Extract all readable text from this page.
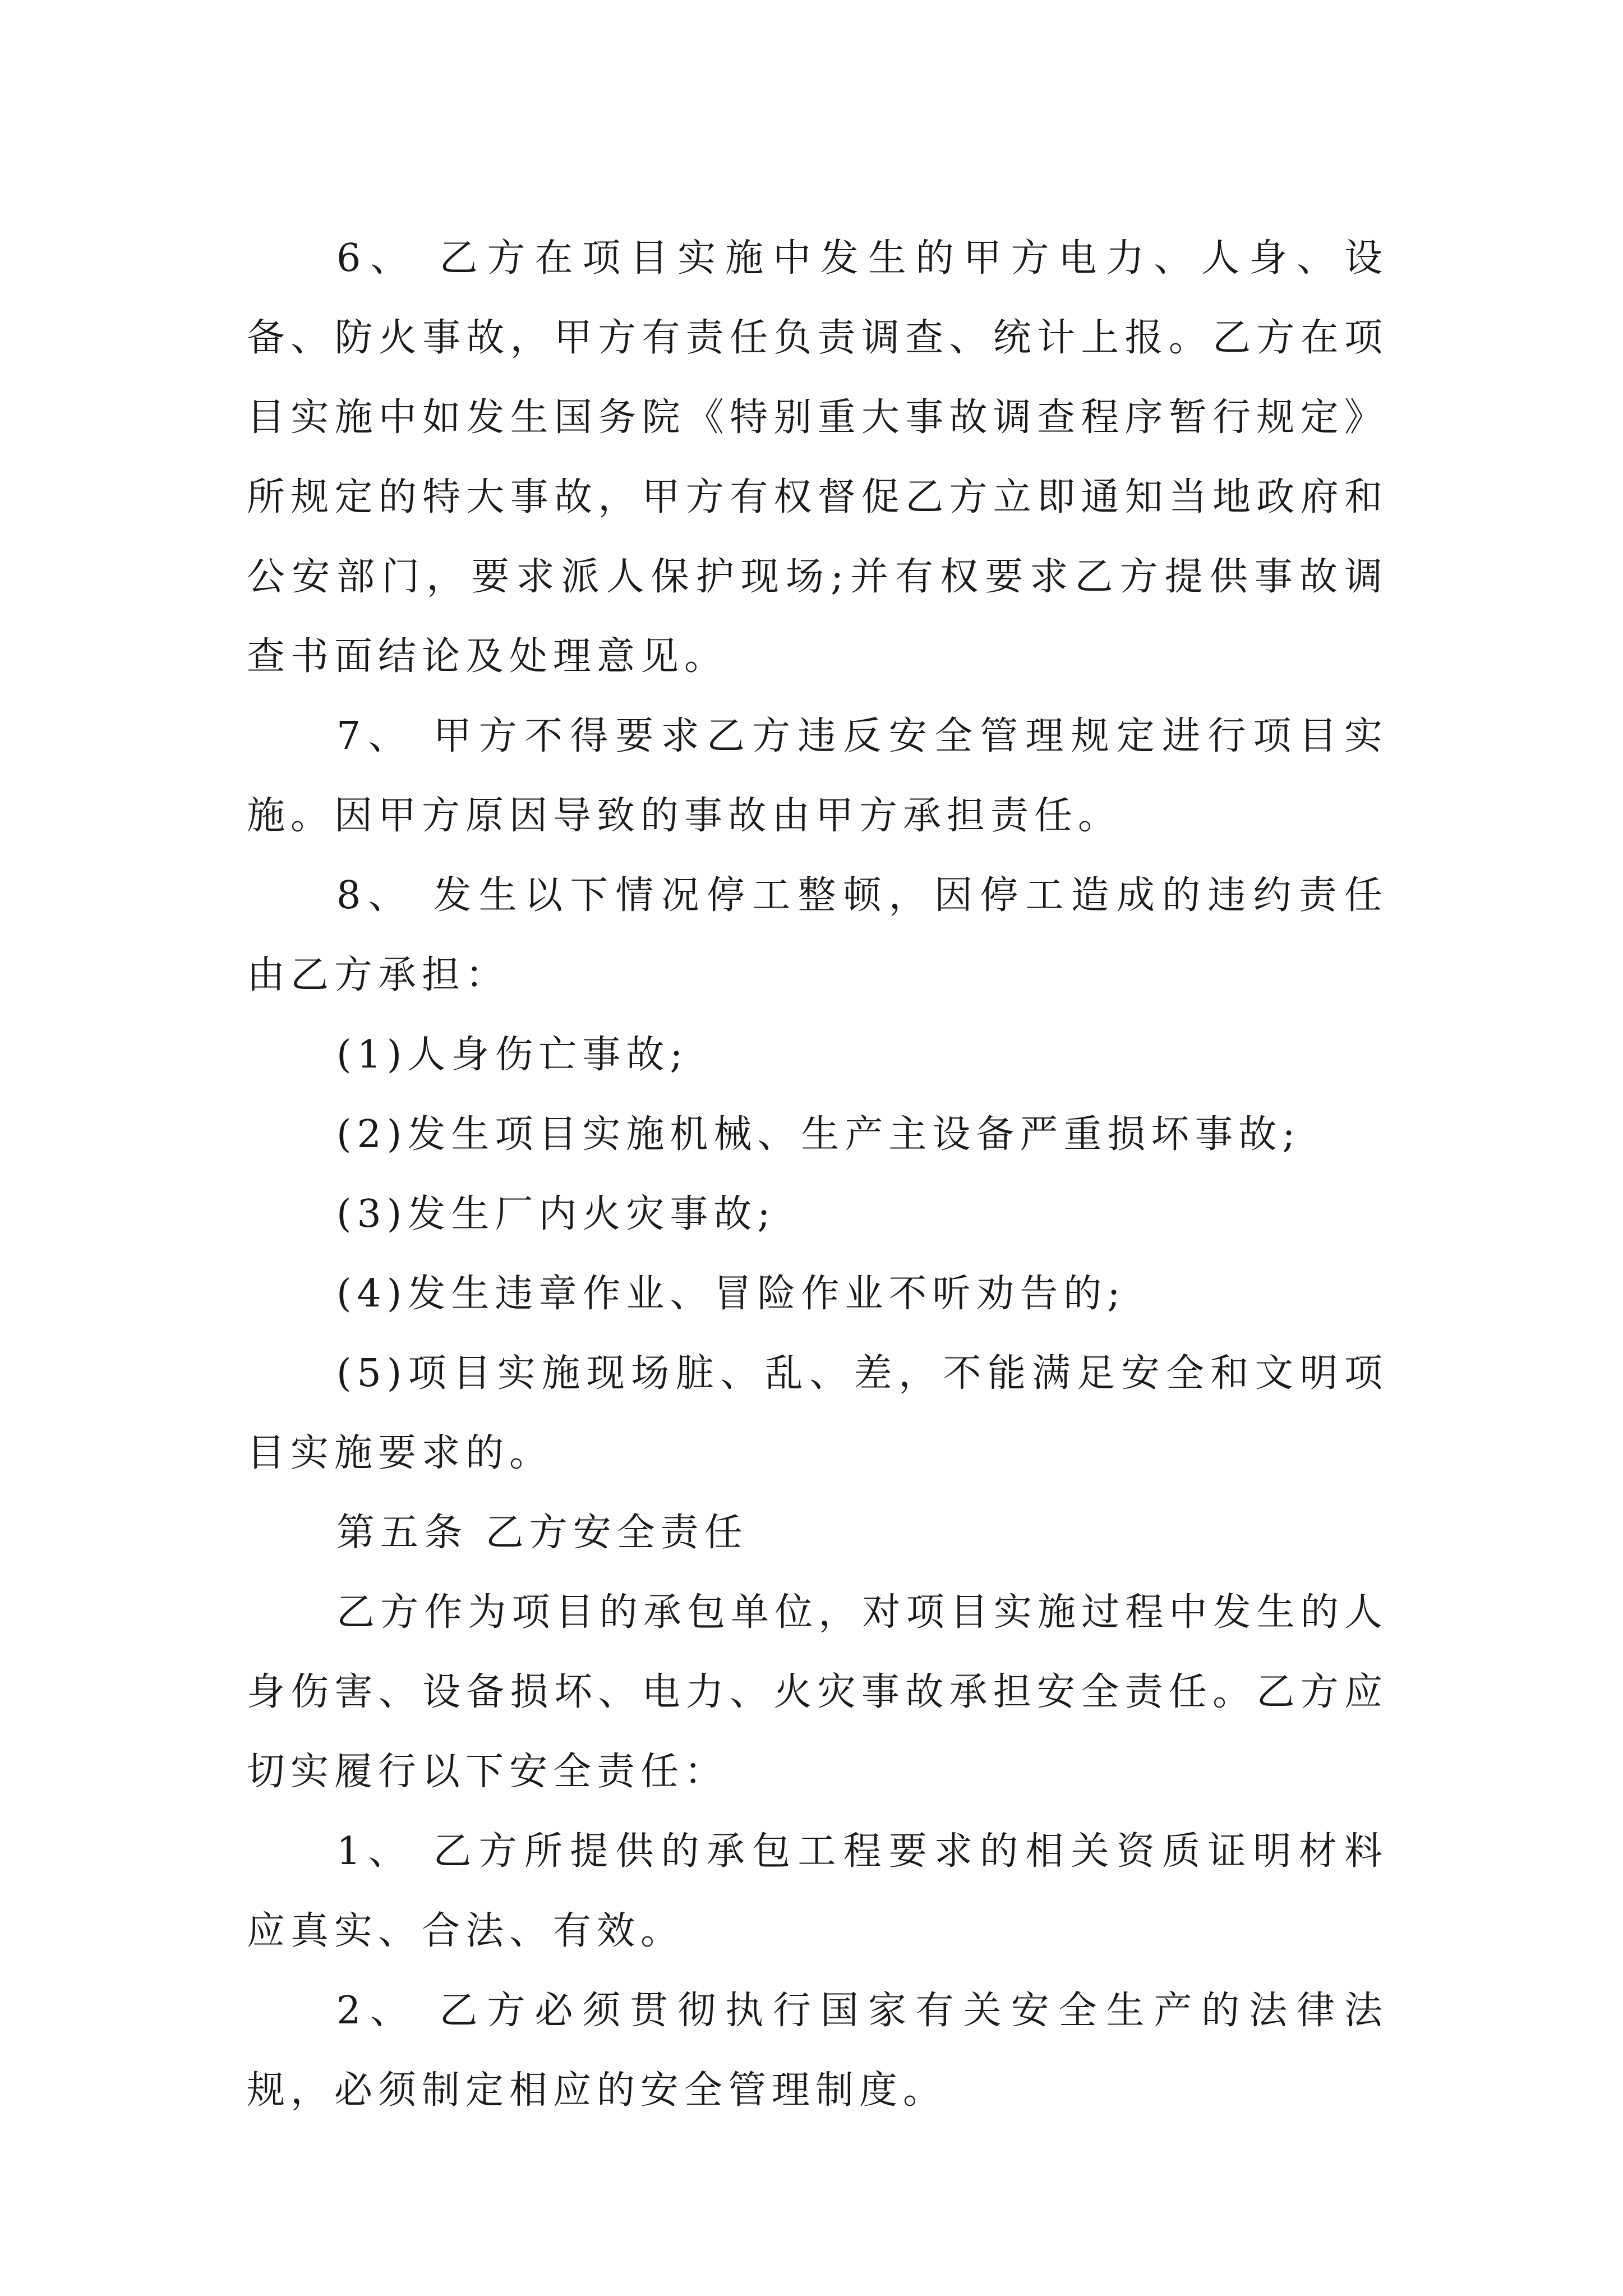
6、 乙方在项目实施中发生的甲方电力、人身、设备、防火事故，甲方有责任负责调查、统计上报。乙方在项目实施中如发生国务院《特别重大事故调查程序暂行规定》所规定的特大事故，甲方有权督促乙方立即通知当地政府和公安部门，要求派人保护现场;并有权要求乙方提供事故调查书面结论及处理意见。

7、 甲方不得要求乙方违反安全管理规定进行项目实施。因甲方原因导致的事故由甲方承担责任。

8、 发生以下情况停工整顿，因停工造成的违约责任由乙方承担：

(1)人身伤亡事故;

(2)发生项目实施机械、生产主设备严重损坏事故;

(3)发生厂内火灾事故;

(4)发生违章作业、冒险作业不听劝告的;

(5)项目实施现场脏、乱、差，不能满足安全和文明项目实施要求的。

第五条 乙方安全责任

乙方作为项目的承包单位，对项目实施过程中发生的人身伤害、设备损坏、电力、火灾事故承担安全责任。乙方应切实履行以下安全责任：

1、 乙方所提供的承包工程要求的相关资质证明材料应真实、合法、有效。

2、 乙方必须贯彻执行国家有关安全生产的法律法规，必须制定相应的安全管理制度。
